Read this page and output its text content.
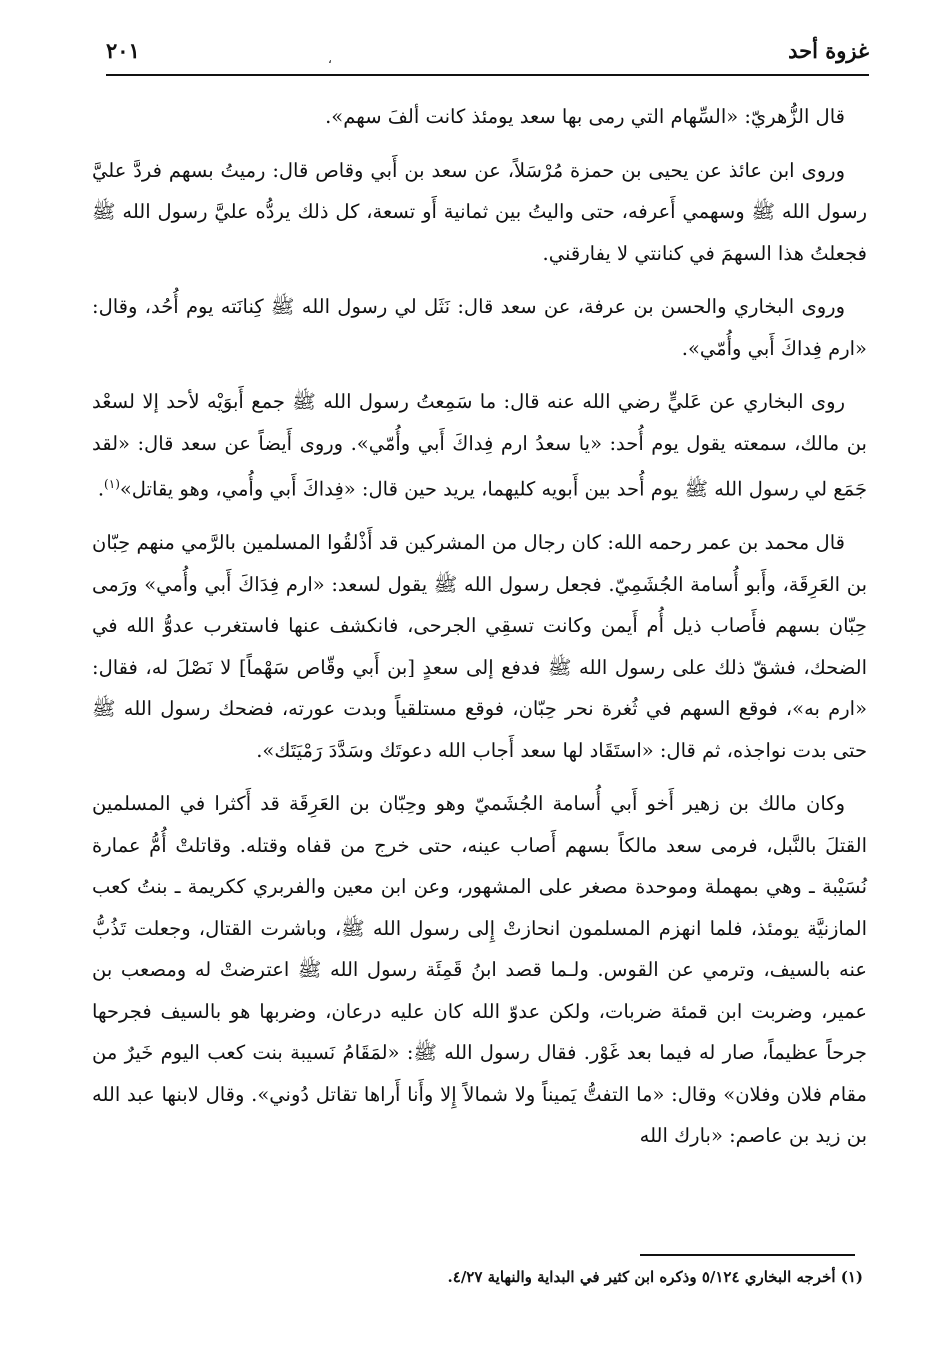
غزوة أحد
،
٢٠١

قال الزُّهريّ: «السِّهام التي رمى بها سعد يومئذ كانت ألفَ سهم».

وروى ابن عائذ عن يحيى بن حمزة مُرْسَلاً، عن سعد بن أَبي وقاص قال: رميتُ بسهم فردَّ عليَّ رسول الله ﷺ وسهمي أَعرفه، حتى واليتُ بين ثمانية أَو تسعة، كل ذلك يردُّه عليَّ رسول الله ﷺ فجعلتُ هذا السهمَ في كنانتي لا يفارقني.

وروى البخاري والحسن بن عرفة، عن سعد قال: نَثَل لي رسول الله ﷺ كِنانَته يوم أُحُد، وقال: «ارم فِداكَ أَبي وأُمّي».

روى البخاري عن عَليٍّ رضي الله عنه قال: ما سَمِعتُ رسول الله ﷺ جمع أَبوَيْه لأحد إلا لسعْد بن مالك، سمعته يقول يوم أُحد: «يا سعدُ ارم فِداكَ أَبي وأُمّي». وروى أَيضاً عن سعد قال: «لقد جَمَع لي رسول الله ﷺ يوم أُحد بين أَبويه كليهما، يريد حين قال: «فِداكَ أَبي وأُمي، وهو يقاتل»$^{(١)}$.

قال محمد بن عمر رحمه الله: كان رجال من المشركين قد أَذْلقُوا المسلمين بالرَّمي منهم حِبّان بن العَرِقَة، وأَبو أُسامة الجُشَمِيّ. فجعل رسول الله ﷺ يقول لسعد: «ارم فِدَاكَ أَبي وأُمي» ورَمى حِبّان بسهم فأَصاب ذيل أُم أَيمن وكانت تسقِي الجرحى، فانكشف عنها فاستغرب عدوُّ الله في الضحك، فشقّ ذلك على رسول الله ﷺ فدفع إلى سعدٍ [بن أَبي وقّاص سَهْماً] لا نَصْلَ له، فقال: «ارم به»، فوقع السهم في ثُغرة نحر حِبّان، فوقع مستلقياً وبدت عورته، فضحك رسول الله ﷺ حتى بدت نواجذه، ثم قال: «استَقَاد لها سعد أَجاب الله دعوتَك وسَدَّدَ رَمْيَتَك».

وكان مالك بن زهير أَخو أَبي أُسامة الجُشَميّ وهو وحِبّان بن العَرِقَة قد أَكثرا في المسلمين القتلَ بالنَّبل، فرمى سعد مالكاً بسهم أَصاب عينه، حتى خرج من قفاه وقتله. وقاتلتْ أُمُّ عمارة نُسَيْبة ـ وهي بمهملة وموحدة مصغر على المشهور، وعن ابن معين والفربري ككريمة ـ بنتُ كعب المازنيَّة يومئذ، فلما انهزم المسلمون انحازتْ إِلى رسول الله ﷺ، وباشرت القتال، وجعلت تَذُبُّ عنه بالسيف، وترمي عن القوس. ولـما قصد ابنُ قَمِئَة رسول الله ﷺ اعترضتْ له ومصعب بن عمير، وضربت ابن قمئة ضربات، ولكن عدوّ الله كان عليه درعان، وضربها هو بالسيف فجرحها جرحاً عظيماً، صار له فيما بعد غَوْر. فقال رسول الله ﷺ: «لمَقَامُ نَسيبة بنت كعب اليوم خَيرٌ من مقام فلان وفلان» وقال: «ما التفتُّ يَميناً ولا شمالاً إِلا وأَنا أَراها تقاتل دُوني». وقال لابنها عبد الله بن زيد بن عاصم: «بارك الله

(١) أخرجه البخاري ٥/١٢٤ وذكره ابن كثير في البداية والنهاية ٤/٢٧.
